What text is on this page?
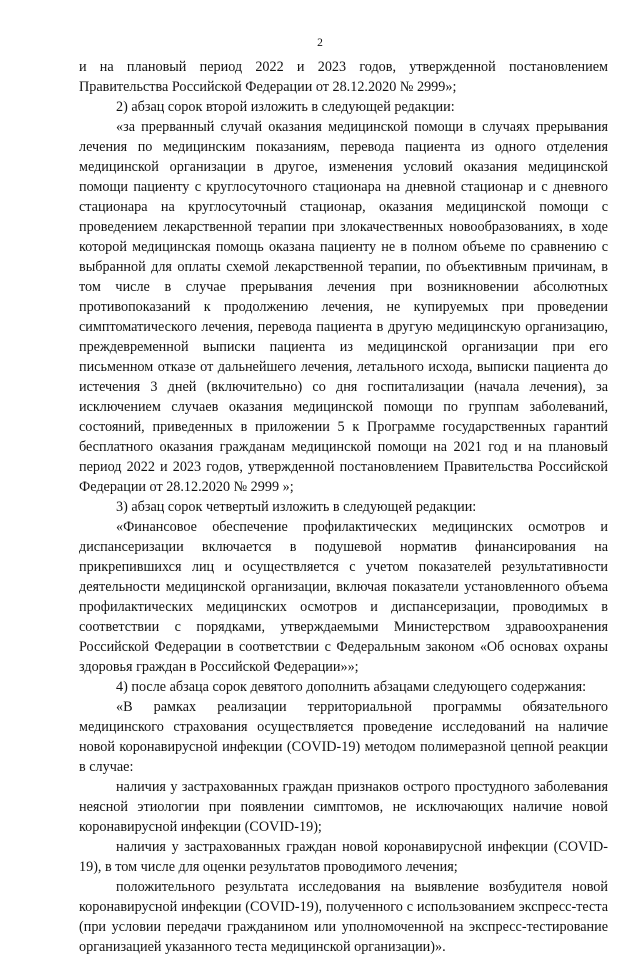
2

и на плановый период 2022 и 2023 годов, утвержденной постановлением Правительства Российской Федерации от 28.12.2020 № 2999»;

2) абзац сорок второй изложить в следующей редакции:

«за прерванный случай оказания медицинской помощи в случаях прерывания лечения по медицинским показаниям, перевода пациента из одного отделения медицинской организации в другое, изменения условий оказания медицинской помощи пациенту с круглосуточного стационара на дневной стационар и с дневного стационара на круглосуточный стационар, оказания медицинской помощи с проведением лекарственной терапии при злокачественных новообразованиях, в ходе которой медицинская помощь оказана пациенту не в полном объеме по сравнению с выбранной для оплаты схемой лекарственной терапии, по объективным причинам, в том числе в случае прерывания лечения при возникновении абсолютных противопоказаний к продолжению лечения, не купируемых при проведении симптоматического лечения, перевода пациента в другую медицинскую организацию, преждевременной выписки пациента из медицинской организации при его письменном отказе от дальнейшего лечения, летального исхода, выписки пациента до истечения 3 дней (включительно) со дня госпитализации (начала лечения), за исключением случаев оказания медицинской помощи по группам заболеваний, состояний, приведенных в приложении 5 к Программе государственных гарантий бесплатного оказания гражданам медицинской помощи на 2021 год и на плановый период 2022 и 2023 годов, утвержденной постановлением Правительства Российской Федерации от 28.12.2020 № 2999 »;

3) абзац сорок четвертый изложить в следующей редакции:

«Финансовое обеспечение профилактических медицинских осмотров и диспансеризации включается в подушевой норматив финансирования на прикрепившихся лиц и осуществляется с учетом показателей результативности деятельности медицинской организации, включая показатели установленного объема профилактических медицинских осмотров и диспансеризации, проводимых в соответствии с порядками, утверждаемыми Министерством здравоохранения Российской Федерации в соответствии с Федеральным законом «Об основах охраны здоровья граждан в Российской Федерации»»;

4) после абзаца сорок девятого дополнить абзацами следующего содержания:

«В рамках реализации территориальной программы обязательного медицинского страхования осуществляется проведение исследований на наличие новой коронавирусной инфекции (COVID-19) методом полимеразной цепной реакции в случае:

наличия у застрахованных граждан признаков острого простудного заболевания неясной этиологии при появлении симптомов, не исключающих наличие новой коронавирусной инфекции (COVID-19);

наличия у застрахованных граждан новой коронавирусной инфекции (COVID-19), в том числе для оценки результатов проводимого лечения;

положительного результата исследования на выявление возбудителя новой коронавирусной инфекции (COVID-19), полученного с использованием экспресс-теста (при условии передачи гражданином или уполномоченной на экспресс-тестирование организацией указанного теста медицинской организации)».
